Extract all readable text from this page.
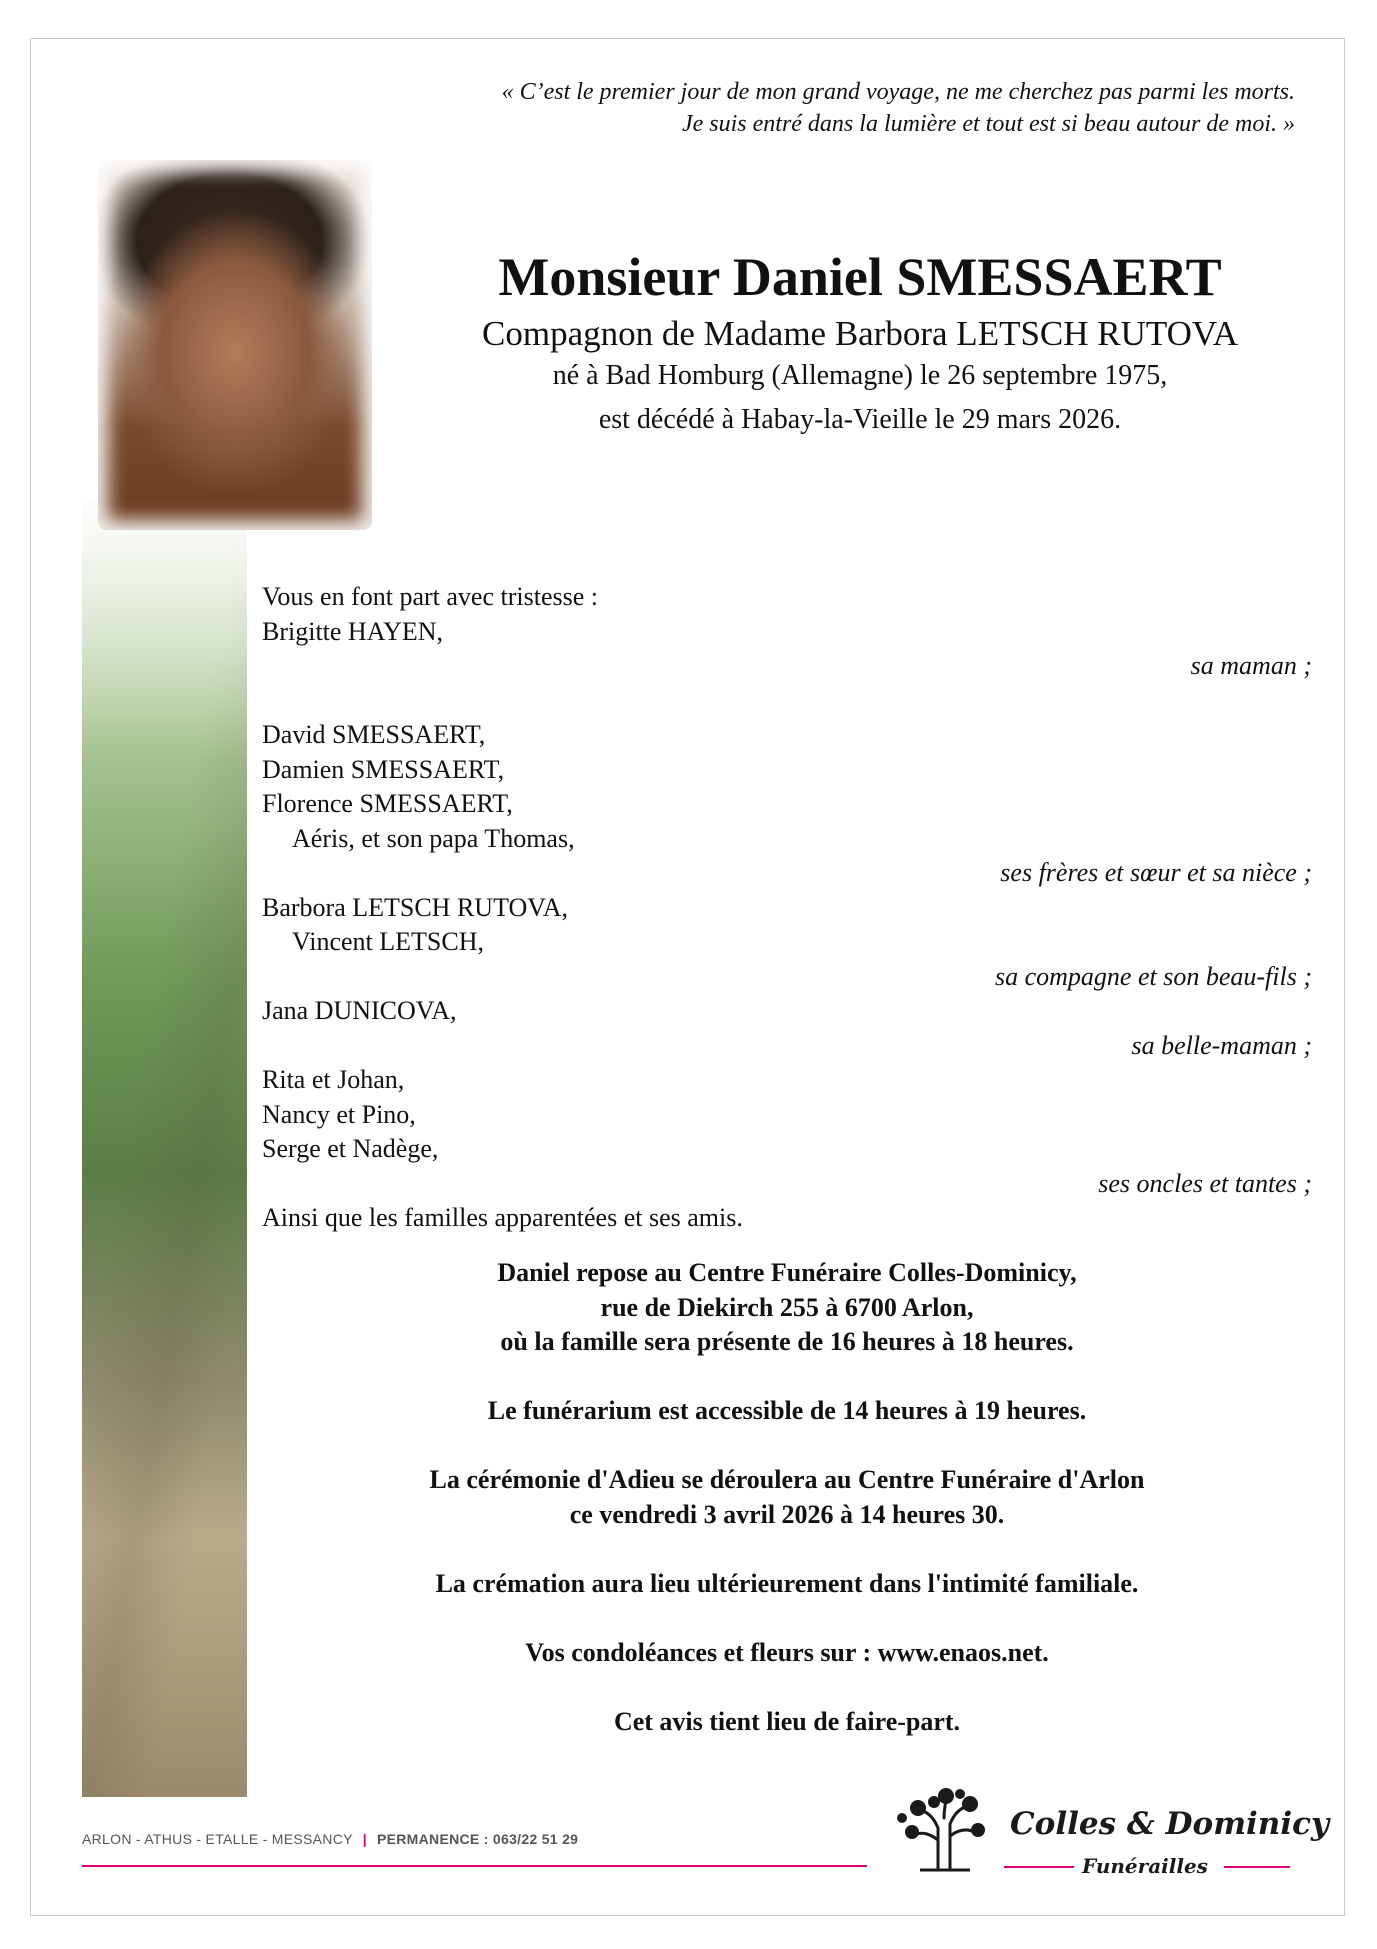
« C’est le premier jour de mon grand voyage, ne me cherchez pas parmi les morts.
Je suis entré dans la lumière et tout est si beau autour de moi. »
Monsieur Daniel SMESSAERT
Compagnon de Madame Barbora LETSCH RUTOVA
né à Bad Homburg (Allemagne) le 26 septembre 1975,
est décédé à Habay-la-Vieille le 29 mars 2026.
Vous en font part avec tristesse :
Brigitte HAYEN,
sa maman ;
David SMESSAERT,
Damien SMESSAERT,
Florence SMESSAERT,
Aéris, et son papa Thomas,
ses frères et sœur et sa nièce ;
Barbora LETSCH RUTOVA,
Vincent LETSCH,
sa compagne et son beau-fils ;
Jana DUNICOVA,
sa belle-maman ;
Rita et Johan,
Nancy et Pino,
Serge et Nadège,
ses oncles et tantes ;
Ainsi que les familles apparentées et ses amis.
Daniel repose au Centre Funéraire Colles-Dominicy,
rue de Diekirch 255 à 6700 Arlon,
où la famille sera présente de 16 heures à 18 heures.
Le funérarium est accessible de 14 heures à 19 heures.
La cérémonie d'Adieu se déroulera au Centre Funéraire d'Arlon
ce vendredi 3 avril 2026 à 14 heures 30.
La crémation aura lieu ultérieurement dans l'intimité familiale.
Vos condoléances et fleurs sur : www.enaos.net.
Cet avis tient lieu de faire-part.
ARLON - ATHUS - ETALLE - MESSANCY | PERMANENCE : 063/22 51 29	Colles & Dominicy
Funérailles
